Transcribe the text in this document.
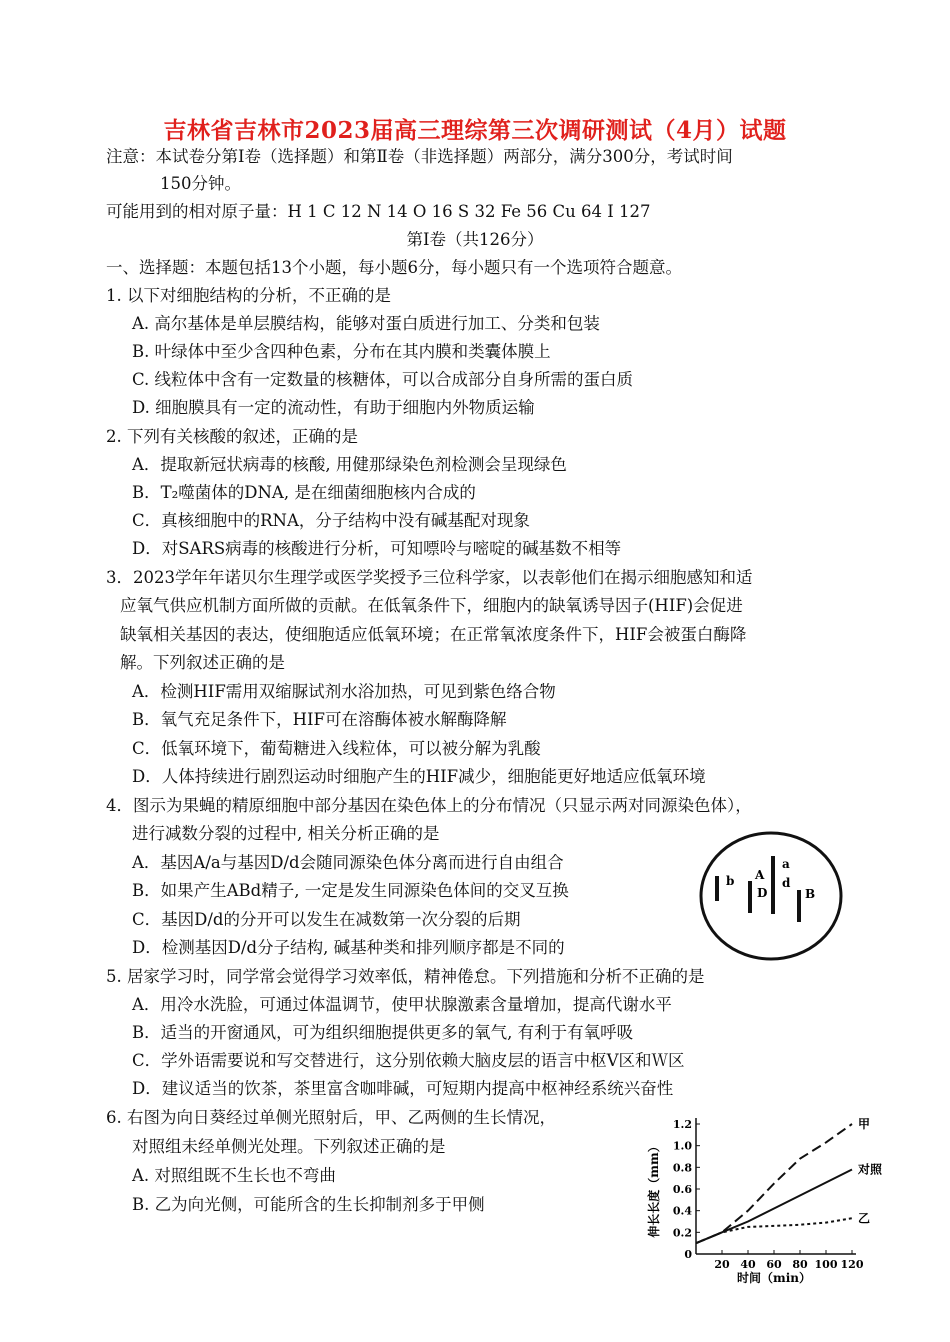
吉林省吉林市2023届高三理综第三次调研测试（4月）试题
注意：本试卷分第Ⅰ卷（选择题）和第Ⅱ卷（非选择题）两部分，满分300分，考试时间
150分钟。
可能用到的相对原子量：H 1 C 12 N 14 O 16 S 32 Fe 56 Cu 64 I 127
第Ⅰ卷（共126分）
一、选择题：本题包括13个小题，每小题6分，每小题只有一个选项符合题意。
1. 以下对细胞结构的分析，不正确的是
A. 高尔基体是单层膜结构，能够对蛋白质进行加工、分类和包装
B. 叶绿体中至少含四种色素，分布在其内膜和类囊体膜上
C. 线粒体中含有一定数量的核糖体，可以合成部分自身所需的蛋白质
D. 细胞膜具有一定的流动性，有助于细胞内外物质运输
2. 下列有关核酸的叙述，正确的是
A．提取新冠状病毒的核酸, 用健那绿染色剂检测会呈现绿色
B．T₂噬菌体的DNA, 是在细菌细胞核内合成的
C．真核细胞中的RNA，分子结构中没有碱基配对现象
D．对SARS病毒的核酸进行分析，可知嘌呤与嘧啶的碱基数不相等
3．2023学年年诺贝尔生理学或医学奖授予三位科学家，以表彰他们在揭示细胞感知和适
应氧气供应机制方面所做的贡献。在低氧条件下，细胞内的缺氧诱导因子(HIF)会促进
缺氧相关基因的表达，使细胞适应低氧环境；在正常氧浓度条件下，HIF会被蛋白酶降
解。下列叙述正确的是
A．检测HIF需用双缩脲试剂水浴加热，可见到紫色络合物
B．氧气充足条件下，HIF可在溶酶体被水解酶降解
C．低氧环境下，葡萄糖进入线粒体，可以被分解为乳酸
D．人体持续进行剧烈运动时细胞产生的HIF减少，细胞能更好地适应低氧环境
4．图示为果蝇的精原细胞中部分基因在染色体上的分布情况（只显示两对同源染色体），
进行减数分裂的过程中, 相关分析正确的是
A．基因A/a与基因D/d会随同源染色体分离而进行自由组合
B．如果产生ABd精子, 一定是发生同源染色体间的交叉互换
C．基因D/d的分开可以发生在减数第一次分裂的后期
D．检测基因D/d分子结构, 碱基种类和排列顺序都是不同的
b A
D
a
d
B
5. 居家学习时，同学常会觉得学习效率低，精神倦怠。下列措施和分析不正确的是
A．用冷水洗脸，可通过体温调节，使甲状腺激素含量增加，提高代谢水平
B．适当的开窗通风，可为组织细胞提供更多的氧气, 有利于有氧呼吸
C．学外语需要说和写交替进行，这分别依赖大脑皮层的语言中枢Ⅴ区和Ｗ区
D．建议适当的饮茶，茶里富含咖啡碱，可短期内提高中枢神经系统兴奋性
6. 右图为向日葵经过单侧光照射后，甲、乙两侧的生长情况，
对照组未经单侧光处理。下列叙述正确的是
A. 对照组既不生长也不弯曲
B. 乙为向光侧，可能所含的生长抑制剂多于甲侧
0
0.2
0.4
0.6
0.8
1.0
1.2
20 40 60 80 100 120
时间（min）
伸长长度（mm）
甲
对照
乙
